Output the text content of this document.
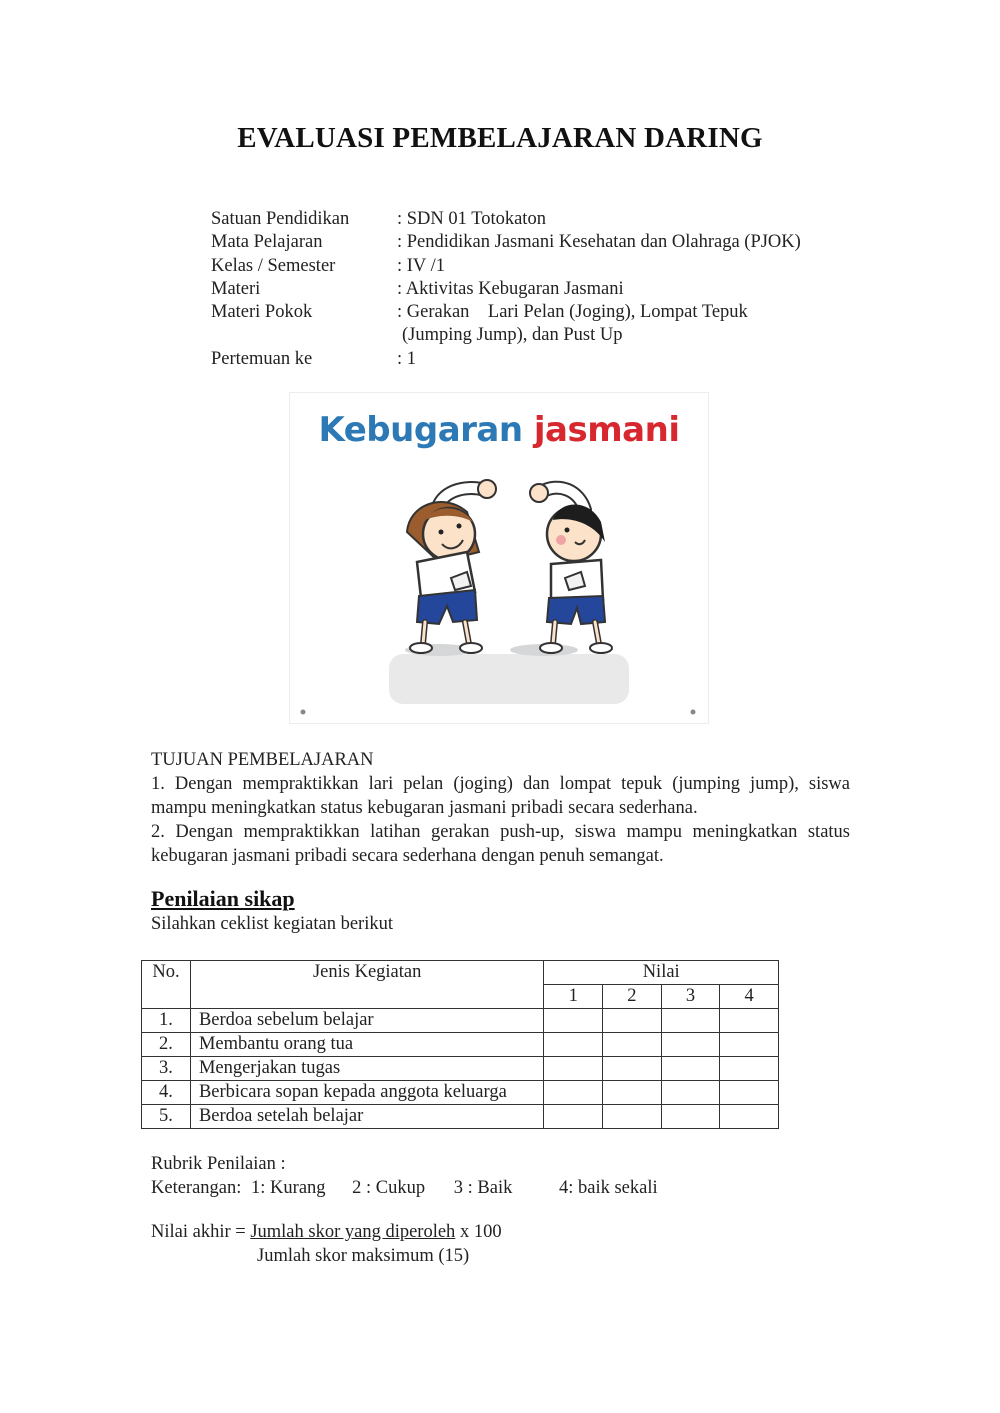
EVALUASI PEMBELAJARAN DARING
Satuan Pendidikan	: SDN 01 Totokaton
Mata Pelajaran	: Pendidikan Jasmani Kesehatan dan Olahraga (PJOK)
Kelas / Semester	: IV /1
Materi	: Aktivitas Kebugaran Jasmani
Materi Pokok	: Gerakan    Lari Pelan (Joging), Lompat Tepuk
(Jumping Jump), dan Pust Up
Pertemuan ke	: 1
Kebugaran jasmani

TUJUAN PEMBELAJARAN

1. Dengan mempraktikkan lari pelan (joging) dan lompat tepuk (jumping jump), siswa mampu meningkatkan status kebugaran jasmani pribadi secara sederhana.

2. Dengan mempraktikkan latihan gerakan push-up, siswa mampu meningkatkan status kebugaran jasmani pribadi secara sederhana dengan penuh semangat.

Penilaian sikap
Silahkan ceklist kegiatan berikut
No.	Jenis Kegiatan	Nilai			
		1	2	3	4
1.	Berdoa sebelum belajar				
2.	Membantu orang tua				
3.	Mengerjakan tugas				
4.	Berbicara sopan kepada anggota keluarga				
5.	Berdoa setelah belajar				
Rubrik Penilaian :
Keterangan: 1: Kurang 2 : Cukup 3 : Baik	4: baik sekali
Nilai akhir = Jumlah skor yang diperoleh x 100
Jumlah skor maksimum (15)
